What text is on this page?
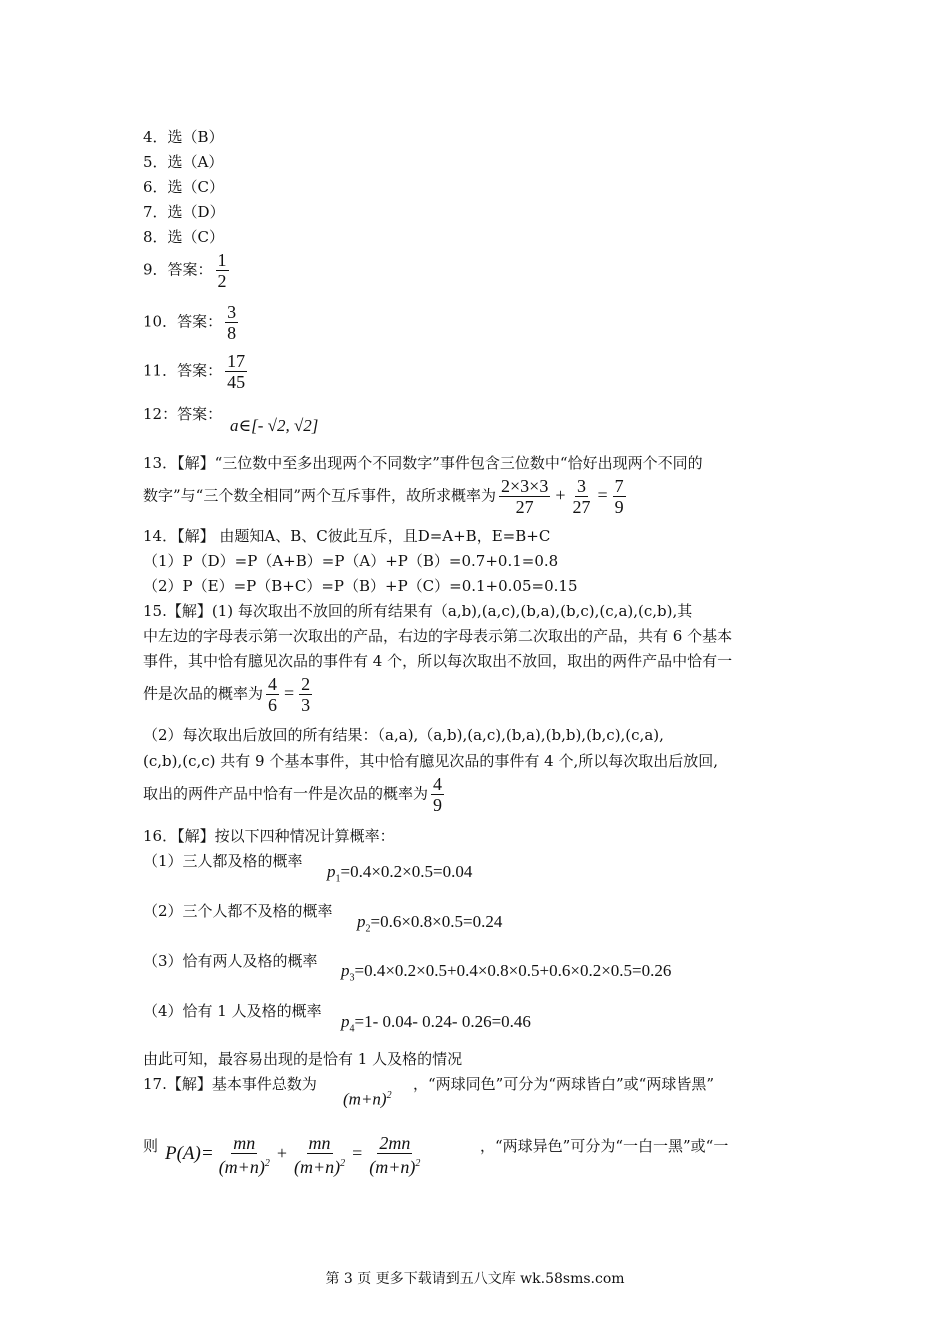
4．选（B）
5．选（A）
6．选（C）
7．选（D）
8．选（C）
9．答案： $\frac{1}{2}$
10．答案： $\frac{3}{8}$
11．答案： $\frac{17}{45}$
12：答案：
a∈[- √2, √2]
13．【解】“三位数中至多出现两个不同数字”事件包含三位数中“恰好出现两个不同的
数字”与“三个数全相同”两个互斥事件，故所求概率为 $\frac{2\times 3\times 3}{27} + \frac{3}{27} = \frac{7}{9}$
14．【解】 由题知A、B、C彼此互斥，且D=A+B，E=B+C
（1）P（D）=P（A+B）=P（A）+P（B）=0.7+0.1=0.8
（2）P（E）=P（B+C）=P（B）+P（C）=0.1+0.05=0.15
15.【解】(1) 每次取出不放回的所有结果有（a,b),(a,c),(b,a),(b,c),(c,a),(c,b),其
中左边的字母表示第一次取出的产品，右边的字母表示第二次取出的产品，共有 6 个基本
事件，其中恰有臆见次品的事件有 4 个，所以每次取出不放回，取出的两件产品中恰有一
件是次品的概率为 $\frac{4}{6} = \frac{2}{3}$
（2）每次取出后放回的所有结果：（a,a),（a,b),(a,c),(b,a),(b,b),(b,c),(c,a),
(c,b),(c,c) 共有 9 个基本事件，其中恰有臆见次品的事件有 4 个,所以每次取出后放回,
取出的两件产品中恰有一件是次品的概率为 $\frac{4}{9}$
16．【解】按以下四种情况计算概率：
（1）三人都及格的概率
$p_1=0.4\times 0.2\times 0.5=0.04$
（2）三个人都不及格的概率
$p_2=0.6\times 0.8\times 0.5=0.24$
（3）恰有两人及格的概率 $p_3=0.4\times 0.2\times 0.5+0.4\times 0.8\times 0.5+0.6\times 0.2\times 0.5=0.26$
（4）恰有 1 人及格的概率
$p_4=1-$ 0.04- 0.24- 0.26=0.46
由此可知，最容易出现的是恰有 1 人及格的情况
17.【解】基本事件总数为
$(m+n)^2$
，“两球同色”可分为“两球皆白”或“两球皆黑”
则 $P(A)= \frac{mn}{(m+n)^2} + \frac{mn}{(m+n)^2} = \frac{2mn}{(m+n)^2}$	，“两球异色”可分为“一白一黑”或“一
第 3 页 更多下载请到五八文库 wk.58sms.com
